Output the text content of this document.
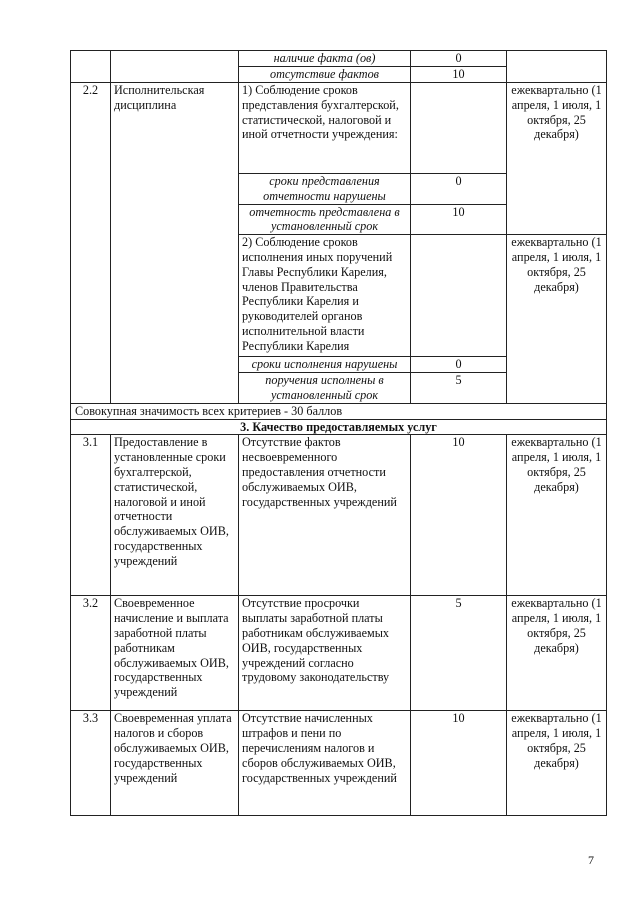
		наличие факта (ов)	0	
		отсутствие фактов	10	
2.2	Исполнительская дисциплина	1) Соблюдение сроков представления бухгалтерской, статистической, налоговой и иной отчетности учреждения:		ежеквартально (1 апреля, 1 июля, 1 октября, 25 декабря)
		сроки представления отчетности нарушены	0	
		отчетность представлена в установленный срок	10	
		2) Соблюдение сроков исполнения иных поручений Главы Республики Карелия, членов Правительства Республики Карелия и руководителей органов исполнительной власти Республики Карелия		ежеквартально (1 апреля, 1 июля, 1 октября, 25 декабря)
		сроки исполнения нарушены	0	
		поручения исполнены в установленный срок	5	
Совокупная значимость всех критериев - 30 баллов				
3. Качество предоставляемых услуг				
3.1	Предоставление в установленные сроки бухгалтерской, статистической, налоговой и иной отчетности обслуживаемых ОИВ, государственных учреждений	Отсутствие фактов несвоевременного предоставления отчетности обслуживаемых ОИВ, государственных учреждений	10	ежеквартально (1 апреля, 1 июля, 1 октября, 25 декабря)
3.2	Своевременное начисление и выплата заработной платы работникам обслуживаемых ОИВ, государственных учреждений	Отсутствие просрочки выплаты заработной платы работникам обслуживаемых ОИВ, государственных учреждений согласно трудовому законодательству	5	ежеквартально (1 апреля, 1 июля, 1 октября, 25 декабря)
3.3	Своевременная уплата налогов и сборов обслуживаемых ОИВ, государственных учреждений	Отсутствие начисленных штрафов и пени по перечислениям налогов и сборов обслуживаемых ОИВ, государственных учреждений	10	ежеквартально (1 апреля, 1 июля, 1 октября, 25 декабря)
7
